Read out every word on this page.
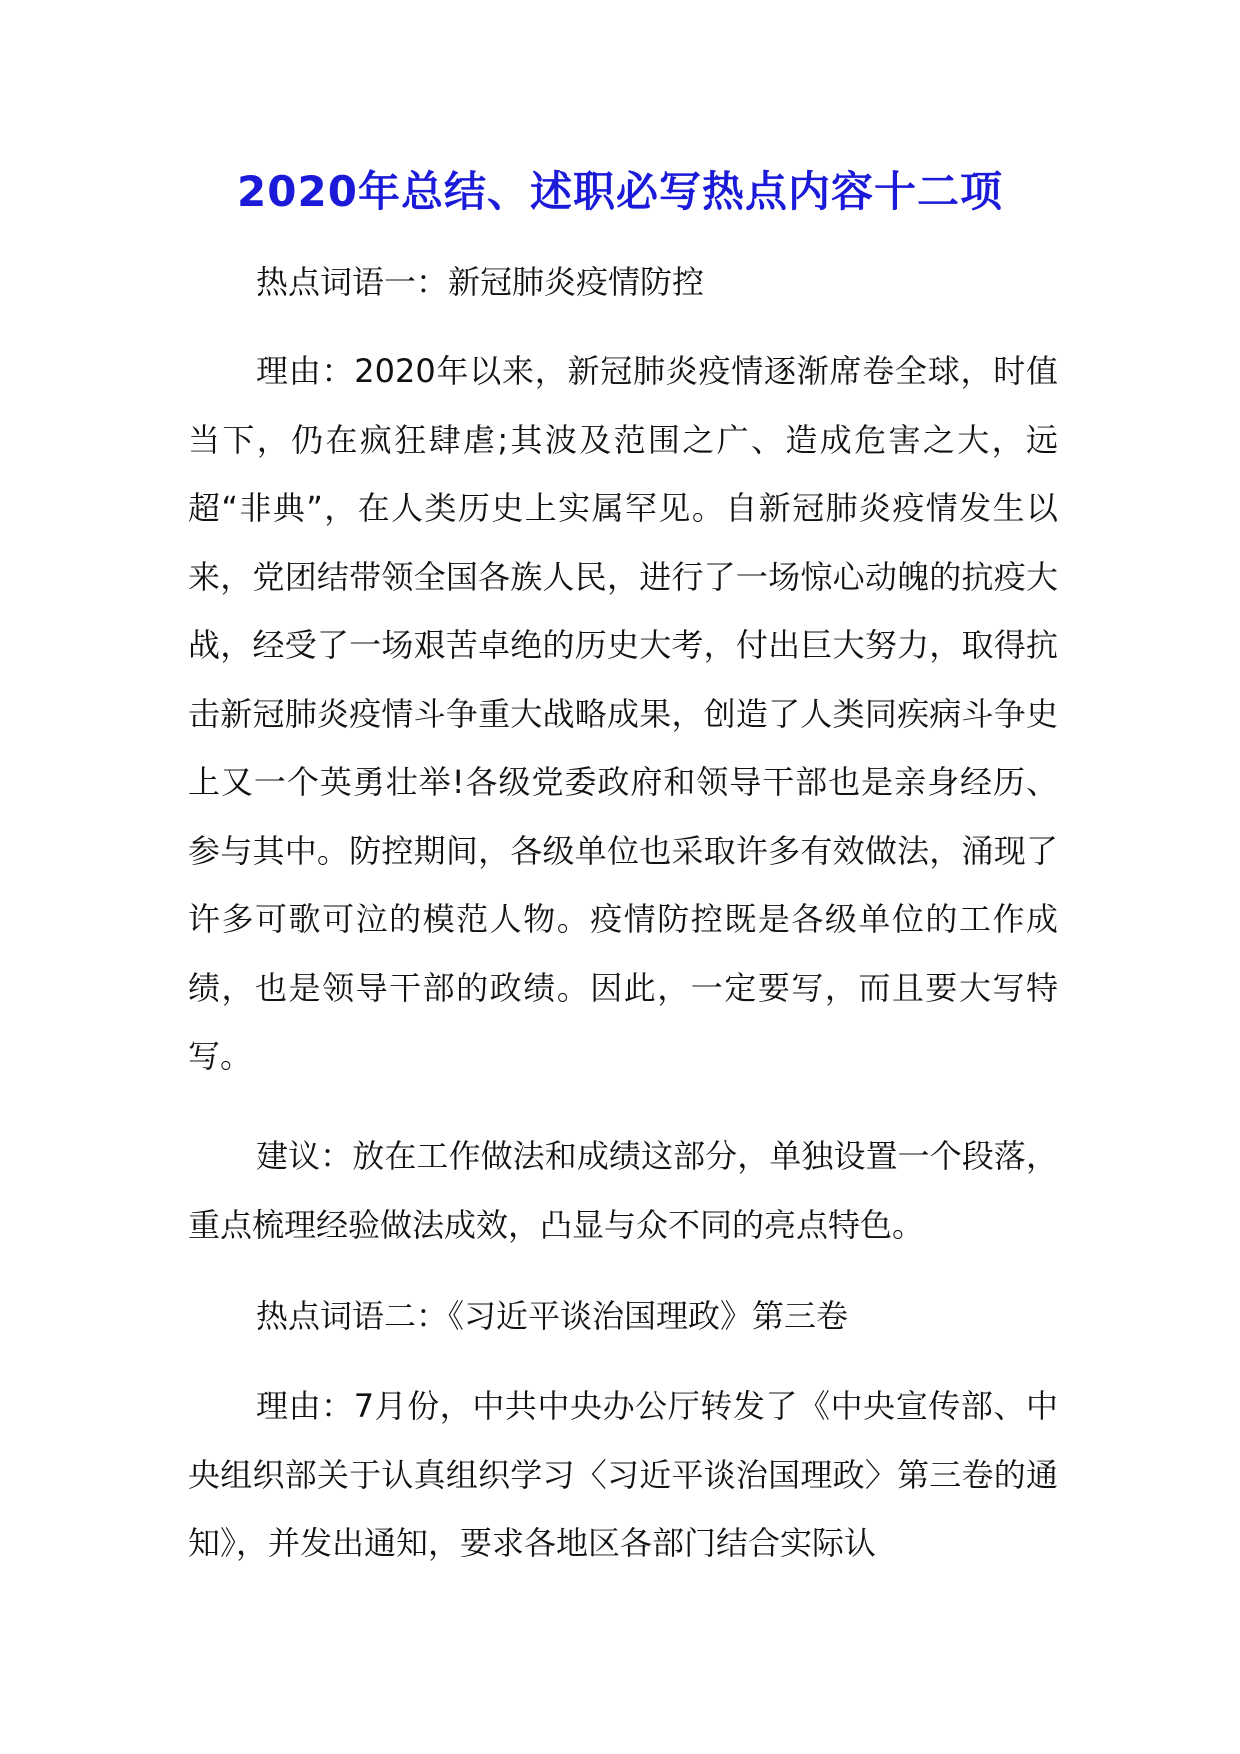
2020年总结、述职必写热点内容十二项

热点词语一：新冠肺炎疫情防控

理由：2020年以来，新冠肺炎疫情逐渐席卷全球，时值当下，仍在疯狂肆虐;其波及范围之广、造成危害之大，远超“非典”，在人类历史上实属罕见。自新冠肺炎疫情发生以来，党团结带领全国各族人民，进行了一场惊心动魄的抗疫大战，经受了一场艰苦卓绝的历史大考，付出巨大努力，取得抗击新冠肺炎疫情斗争重大战略成果，创造了人类同疾病斗争史上又一个英勇壮举!各级党委政府和领导干部也是亲身经历、参与其中。防控期间，各级单位也采取许多有效做法，涌现了许多可歌可泣的模范人物。疫情防控既是各级单位的工作成绩，也是领导干部的政绩。因此，一定要写，而且要大写特写。

建议：放在工作做法和成绩这部分，单独设置一个段落，重点梳理经验做法成效，凸显与众不同的亮点特色。

热点词语二：《习近平谈治国理政》第三卷

理由：7月份，中共中央办公厅转发了《中央宣传部、中央组织部关于认真组织学习〈习近平谈治国理政〉第三卷的通知》，并发出通知，要求各地区各部门结合实际认
